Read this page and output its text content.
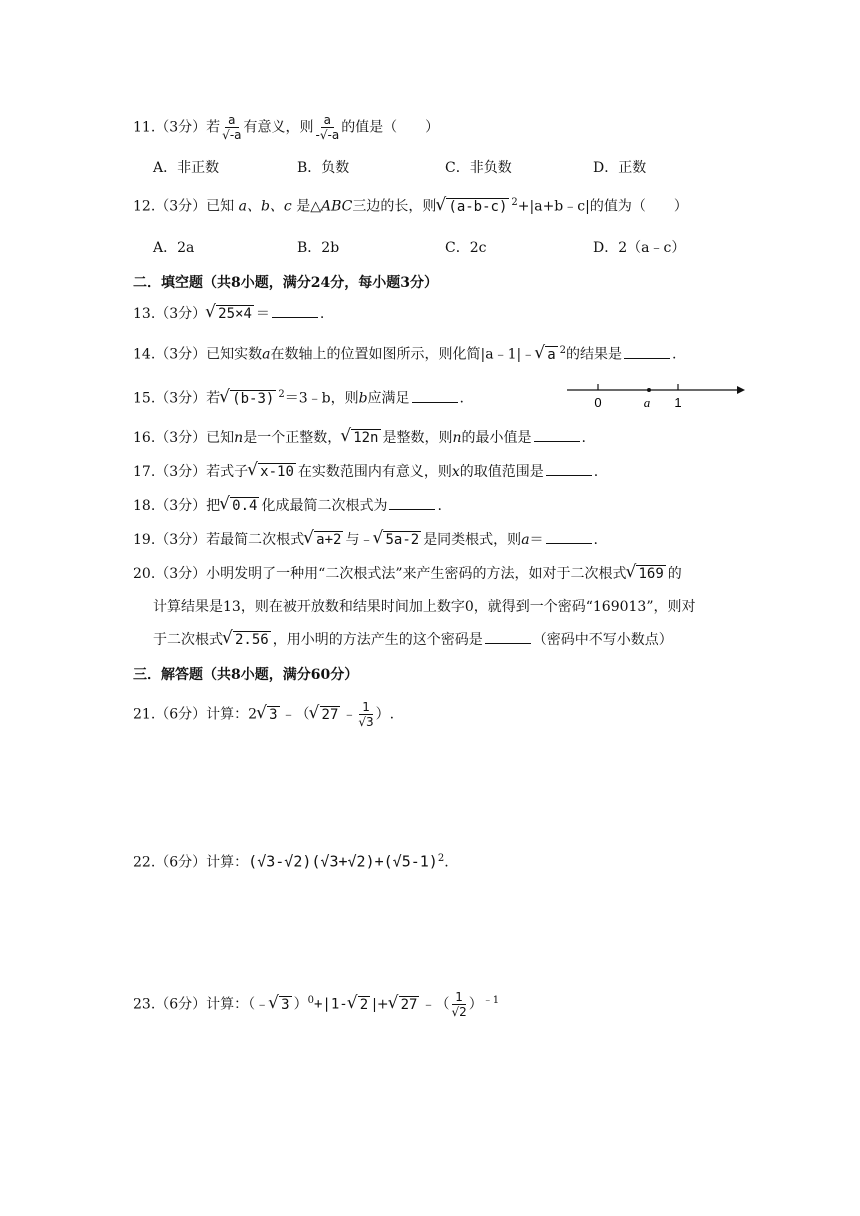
11.（3分）若 $\frac{a}{√-a}$ 有意义，则 $\frac{a}{-√-a}$ 的值是（　　）
A．非正数	B．负数	C．非负数	D．正数
12.（3分）已知 a、b、c 是△ABC三边的长，则 √ (a-b-c) $^2$+|a+b﹣c|的值为（　　）
A．2a	B．2b	C．2c	D．2（a﹣c）
二．填空题（共8小题，满分24分，每小题3分）
13.（3分） √ 25×4 ＝	.
14.（3分）已知实数a在数轴上的位置如图所示，则化简|a﹣1|﹣ √ a $^2$的结果是	.
15.（3分）若 √ (b-3) $^2$＝3﹣b，则b应满足	.	0	a 1
16.（3分）已知n是一个正整数， √ 12n 是整数，则n的最小值是	.
17.（3分）若式子 √ x-10 在实数范围内有意义，则x的取值范围是	.
18.（3分）把 √ 0.4 化成最简二次根式为	.
19.（3分）若最简二次根式 √ a+2 与﹣ √ 5a-2 是同类根式，则a＝	.
20.（3分）小明发明了一种用“二次根式法”来产生密码的方法，如对于二次根式 √ 169 的
计算结果是13，则在被开放数和结果时间加上数字0，就得到一个密码“169013”，则对
于二次根式 √ 2.56 ，用小明的方法产生的这个密码是	（密码中不写小数点）
三．解答题（共8小题，满分60分）
21.（6分）计算：2 √ 3 ﹣（ √ 27 ﹣ $\frac{1}{√3}$ ）.
22.（6分）计算：$(√3-√2)(√3+√2)+(√5-1)^2$.
23.（6分）计算：（﹣ √ 3 ）$^0$+|1- √ 2 |+ √ 27 ﹣（ $\frac{1}{√2} )^{﹣1}$
